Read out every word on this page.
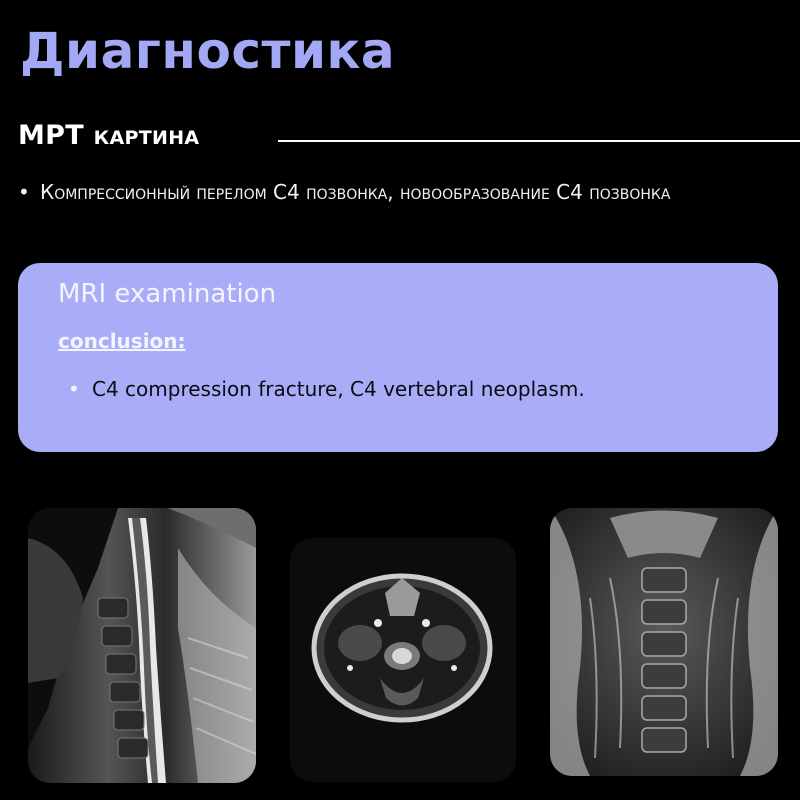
Диагностика
МРТ картина
• Компрессионный перелом С4 позвонка, новообразование С4 позвонка
MRI examination
conclusion:
• C4 compression fracture, C4 vertebral neoplasm.
